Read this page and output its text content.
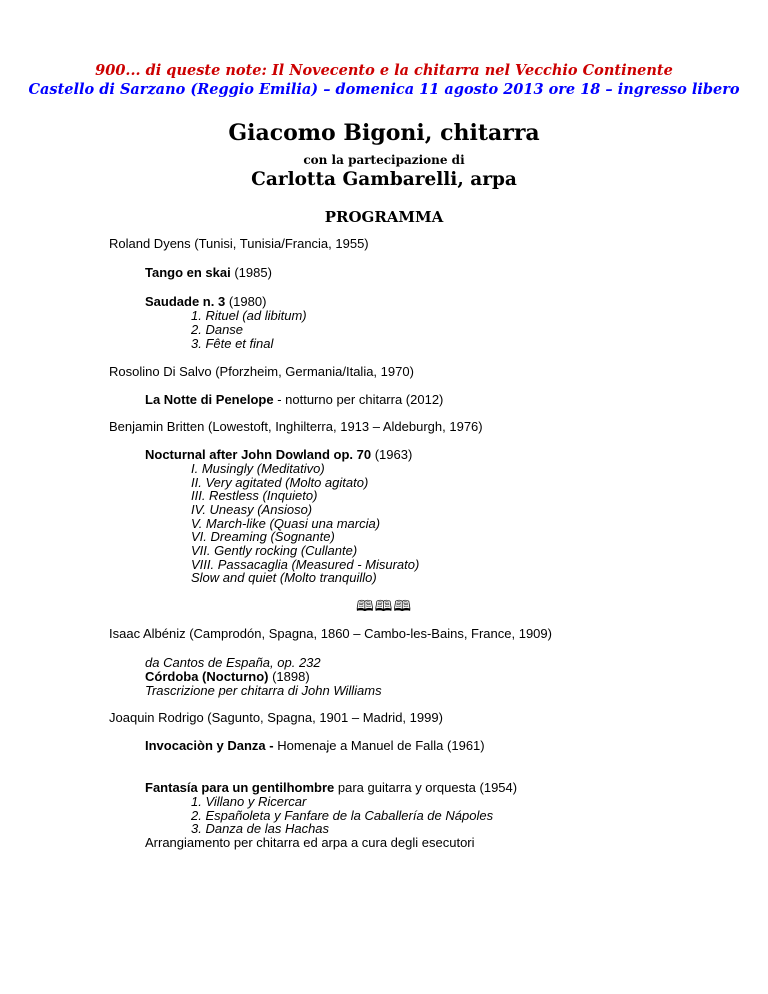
900... di queste note: Il Novecento e la chitarra nel Vecchio Continente
Castello di Sarzano (Reggio Emilia) – domenica 11 agosto 2013 ore 18 – ingresso libero
Giacomo Bigoni, chitarra
con la partecipazione di
Carlotta Gambarelli, arpa
PROGRAMMA
Roland Dyens (Tunisi, Tunisia/Francia, 1955)
Tango en skai (1985)
Saudade n. 3 (1980)
1. Rituel (ad libitum)
2. Danse
3. Fête et final
Rosolino Di Salvo (Pforzheim, Germania/Italia, 1970)
La Notte di Penelope - notturno per chitarra (2012)
Benjamin Britten (Lowestoft, Inghilterra, 1913 – Aldeburgh, 1976)
Nocturnal after John Dowland op. 70 (1963)
I. Musingly (Meditativo)
II. Very agitated (Molto agitato)
III. Restless (Inquieto)
IV. Uneasy (Ansioso)
V. March-like (Quasi una marcia)
VI. Dreaming (Sognante)
VII. Gently rocking (Cullante)
VIII. Passacaglia (Measured - Misurato)
Slow and quiet (Molto tranquillo)
🕮🕮🕮
Isaac Albéniz (Camprodón, Spagna, 1860 – Cambo-les-Bains, France, 1909)
da Cantos de España, op. 232
Córdoba (Nocturno) (1898)
Trascrizione per chitarra di John Williams
Joaquin Rodrigo (Sagunto, Spagna, 1901 – Madrid, 1999)
Invocaciòn y Danza - Homenaje a Manuel de Falla (1961)
Fantasía para un gentilhombre para guitarra y orquesta (1954)
1. Villano y Ricercar
2. Españoleta y Fanfare de la Caballería de Nápoles
3. Danza de las Hachas
Arrangiamento per chitarra ed arpa a cura degli esecutori
